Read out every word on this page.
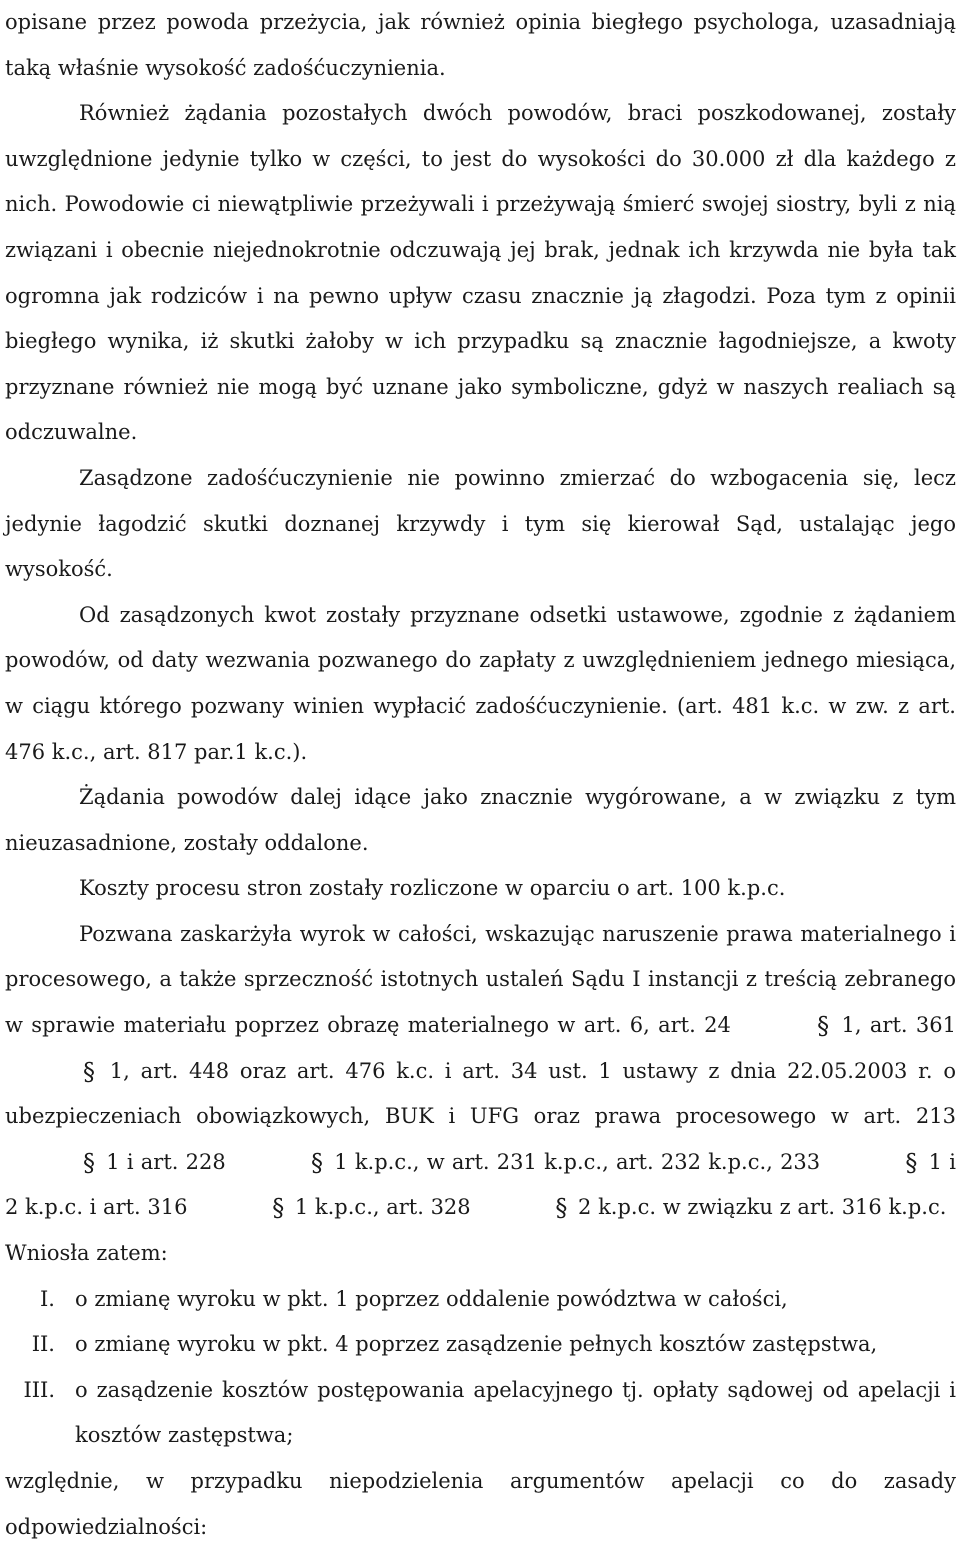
opisane przez powoda przeżycia, jak również opinia biegłego psychologa, uzasadniają taką właśnie wysokość zadośćuczynienia.

Również żądania pozostałych dwóch powodów, braci poszkodowanej, zostały uwzględnione jedynie tylko w części, to jest do wysokości do 30.000 zł dla każdego z nich. Powodowie ci niewątpliwie przeżywali i przeżywają śmierć swojej siostry, byli z nią związani i obecnie niejednokrotnie odczuwają jej brak, jednak ich krzywda nie była tak ogromna jak rodziców i na pewno upływ czasu znacznie ją złagodzi. Poza tym z opinii biegłego wynika, iż skutki żałoby w ich przypadku są znacznie łagodniejsze, a kwoty przyznane również nie mogą być uznane jako symboliczne, gdyż w naszych realiach są odczuwalne.

Zasądzone zadośćuczynienie nie powinno zmierzać do wzbogacenia się, lecz jedynie łagodzić skutki doznanej krzywdy i tym się kierował Sąd, ustalając jego wysokość.

Od zasądzonych kwot zostały przyznane odsetki ustawowe, zgodnie z żądaniem powodów, od daty wezwania pozwanego do zapłaty z uwzględnieniem jednego miesiąca, w ciągu którego pozwany winien wypłacić zadośćuczynienie. (art. 481 k.c. w zw. z art. 476 k.c., art. 817 par.1 k.c.).

Żądania powodów dalej idące jako znacznie wygórowane, a w związku z tym nieuzasadnione, zostały oddalone.

Koszty procesu stron zostały rozliczone w oparciu o art. 100 k.p.c.

Pozwana zaskarżyła wyrok w całości, wskazując naruszenie prawa materialnego i procesowego, a także sprzeczność istotnych ustaleń Sądu I instancji z treścią zebranego w sprawie materiału poprzez obrazę materialnego w art. 6, art. 24	§ 1, art. 361 § 1, art. 448 oraz art. 476 k.c. i art. 34 ust. 1 ustawy z dnia 22.05.2003 r. o ubezpieczeniach obowiązkowych, BUK i UFG oraz prawa procesowego w art. 213 § 1 i art. 228	§ 1 k.p.c., w art. 231 k.p.c., art. 232 k.p.c., 233	§ 1 i 2 k.p.c. i art. 316	§ 1 k.p.c., art. 328	§ 2 k.p.c. w związku z art. 316 k.p.c.

Wniosła zatem:

I. o zmianę wyroku w pkt. 1 poprzez oddalenie powództwa w całości,
II. o zmianę wyroku w pkt. 4 poprzez zasądzenie pełnych kosztów zastępstwa,
III. o zasądzenie kosztów postępowania apelacyjnego tj. opłaty sądowej od apelacji i kosztów zastępstwa;

względnie, w przypadku niepodzielenia argumentów apelacji co do zasady odpowiedzialności:
